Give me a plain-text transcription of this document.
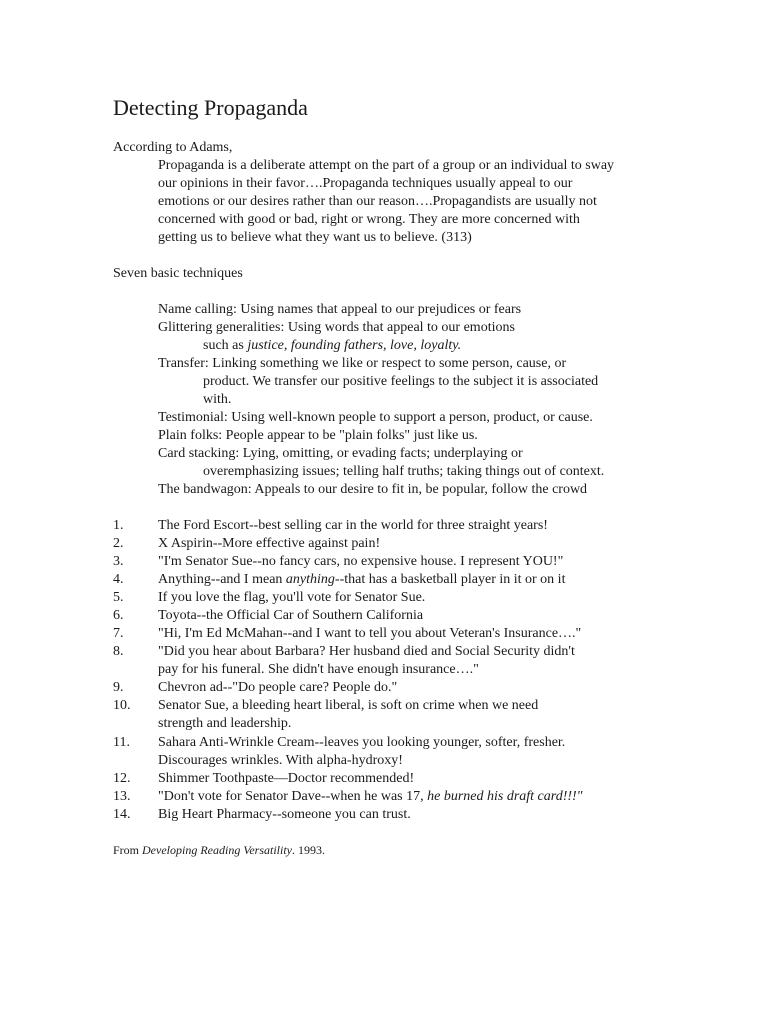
Detecting Propaganda
According to Adams,
Propaganda is a deliberate attempt on the part of a group or an individual to sway
our opinions in their favor….Propaganda techniques usually appeal to our
emotions or our desires rather than our reason….Propagandists are usually not
concerned with good or bad, right or wrong. They are more concerned with
getting us to believe what they want us to believe. (313)
Seven basic techniques
Name calling: Using names that appeal to our prejudices or fears
Glittering generalities: Using words that appeal to our emotions
such as justice, founding fathers, love, loyalty.
Transfer: Linking something we like or respect to some person, cause, or
product. We transfer our positive feelings to the subject it is associated
with.
Testimonial: Using well-known people to support a person, product, or cause.
Plain folks: People appear to be "plain folks" just like us.
Card stacking: Lying, omitting, or evading facts; underplaying or
overemphasizing issues; telling half truths; taking things out of context.
The bandwagon: Appeals to our desire to fit in, be popular, follow the crowd
1. The Ford Escort--best selling car in the world for three straight years!
2. X Aspirin--More effective against pain!
3. "I'm Senator Sue--no fancy cars, no expensive house. I represent YOU!"
4. Anything--and I mean anything--that has a basketball player in it or on it
5. If you love the flag, you'll vote for Senator Sue.
6. Toyota--the Official Car of Southern California
7. "Hi, I'm Ed McMahan--and I want to tell you about Veteran's Insurance…."
8. "Did you hear about Barbara? Her husband died and Social Security didn't
pay for his funeral. She didn't have enough insurance…."
9. Chevron ad--"Do people care? People do."
10. Senator Sue, a bleeding heart liberal, is soft on crime when we need
strength and leadership.
11. Sahara Anti-Wrinkle Cream--leaves you looking younger, softer, fresher.
Discourages wrinkles. With alpha-hydroxy!
12. Shimmer Toothpaste—Doctor recommended!
13. "Don't vote for Senator Dave--when he was 17, he burned his draft card!!!"
14. Big Heart Pharmacy--someone you can trust.
From Developing Reading Versatility. 1993.
